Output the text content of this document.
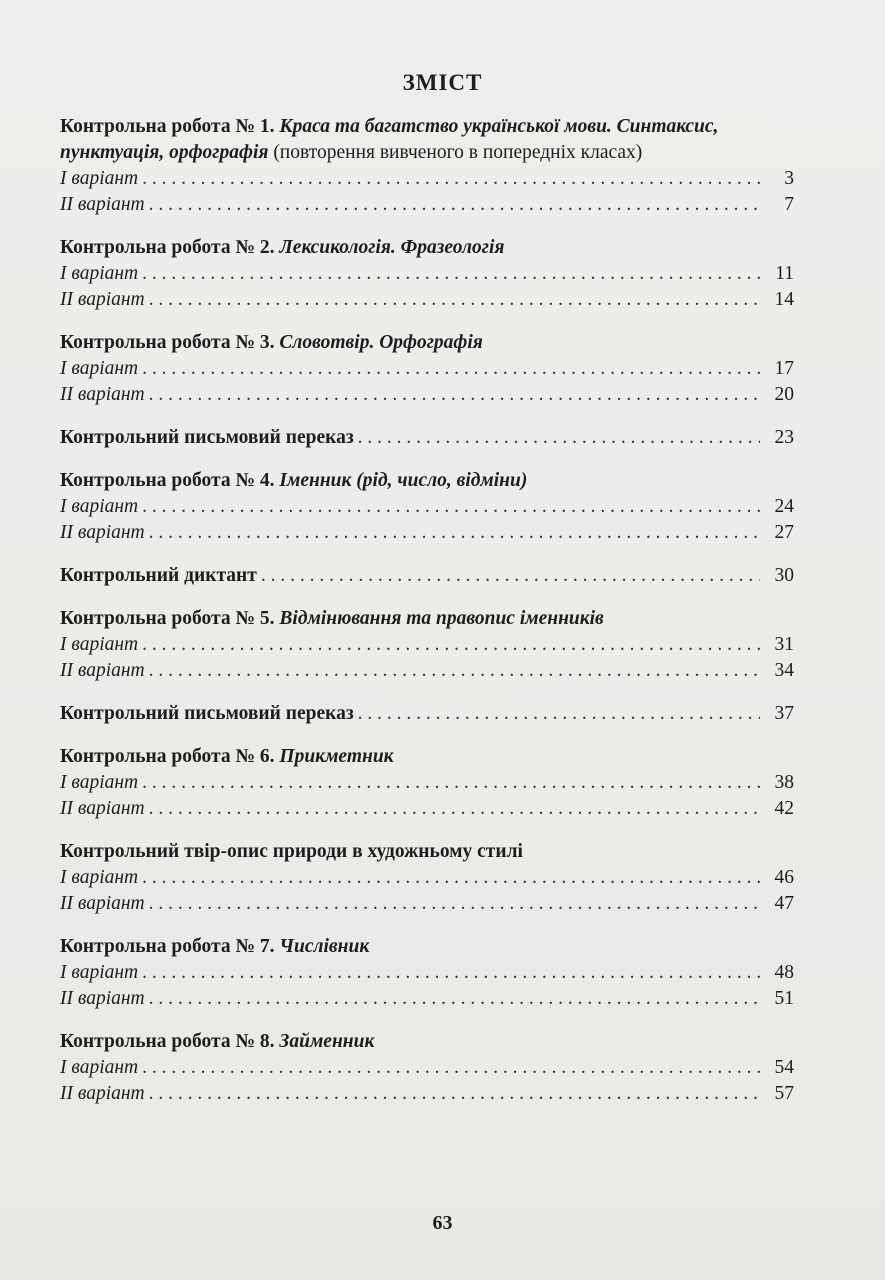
ЗМІСТ
Контрольна робота № 1. Краса та багатство української мови. Синтаксис, пунктуація, орфографія (повторення вивченого в попередніх класах)
I варіант . . .	3
II варіант . . .	7
Контрольна робота № 2. Лексикологія. Фразеологія
I варіант . . .	11
II варіант . . .	14
Контрольна робота № 3. Словотвір. Орфографія
I варіант . . .	17
II варіант . . .	20
Контрольний письмовий переказ . . .	23
Контрольна робота № 4. Іменник (рід, число, відміни)
I варіант . . .	24
II варіант . . .	27
Контрольний диктант . . .	30
Контрольна робота № 5. Відмінювання та правопис іменників
I варіант . . .	31
II варіант . . .	34
Контрольний письмовий переказ . . .	37
Контрольна робота № 6. Прикметник
I варіант . . .	38
II варіант . . .	42
Контрольний твір-опис природи в художньому стилі
I варіант . . .	46
II варіант . . .	47
Контрольна робота № 7. Числівник
I варіант . . .	48
II варіант . . .	51
Контрольна робота № 8. Займенник
I варіант . . .	54
II варіант . . .	57
63
